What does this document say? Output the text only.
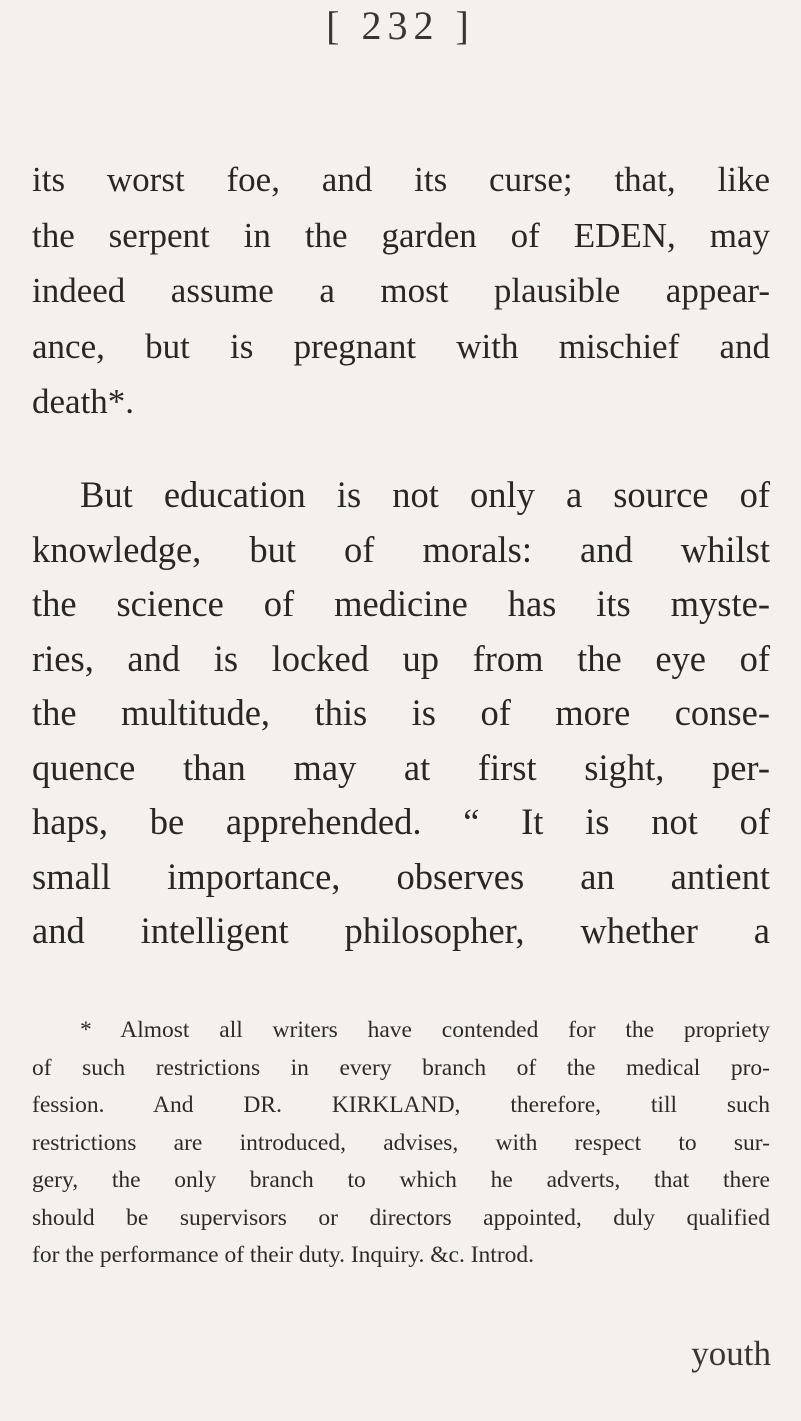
[ 232 ]
its worst foe, and its curse; that, like
the serpent in the garden of EDEN, may
indeed assume a most plausible appear-
ance, but is pregnant with mischief and
death*.
But education is not only a source of
knowledge, but of morals: and whilst
the science of medicine has its myste-
ries, and is locked up from the eye of
the multitude, this is of more conse-
quence than may at first sight, per-
haps, be apprehended. “ It is not of
small importance, observes an antient
and intelligent philosopher, whether a
* Almost all writers have contended for the propriety
of such restrictions in every branch of the medical pro-
fession. And DR. KIRKLAND, therefore, till such
restrictions are introduced, advises, with respect to sur-
gery, the only branch to which he adverts, that there
should be supervisors or directors appointed, duly qualified
for the performance of their duty. Inquiry. &c. Introd.
youth
